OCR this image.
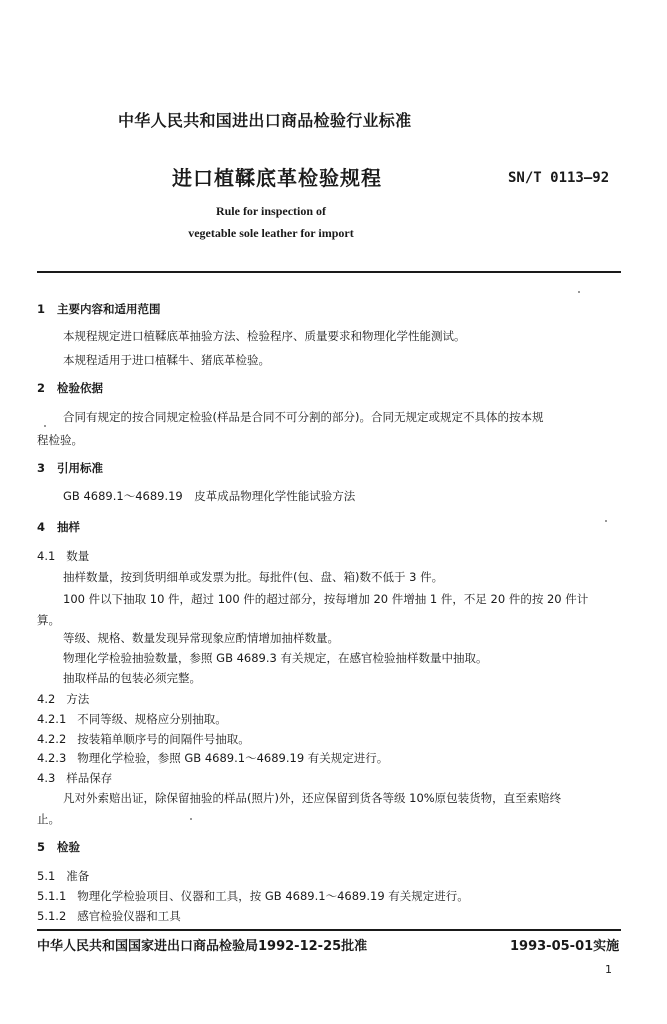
中华人民共和国进出口商品检验行业标准
进口植鞣底革检验规程	SN/T 0113—92
Rule for inspection of
vegetable sole leather for import
1 主要内容和适用范围
本规程规定进口植鞣底革抽验方法、检验程序、质量要求和物理化学性能测试。
本规程适用于进口植鞣牛、猪底革检验。
2 检验依据
合同有规定的按合同规定检验(样品是合同不可分割的部分)。合同无规定或规定不具体的按本规
程检验。
3 引用标准
GB 4689.1～4689.19　皮革成品物理化学性能试验方法
4 抽样
4.1 数量
抽样数量，按到货明细单或发票为批。每批件(包、盘、箱)数不低于 3 件。
100 件以下抽取 10 件，超过 100 件的超过部分，按每增加 20 件增抽 1 件，不足 20 件的按 20 件计
算。
等级、规格、数量发现异常现象应酌情增加抽样数量。
物理化学检验抽验数量，参照 GB 4689.3 有关规定，在感官检验抽样数量中抽取。
抽取样品的包装必须完整。
4.2 方法
4.2.1 不同等级、规格应分别抽取。
4.2.2 按装箱单顺序号的间隔件号抽取。
4.2.3 物理化学检验，参照 GB 4689.1～4689.19 有关规定进行。
4.3 样品保存
凡对外索赔出证，除保留抽验的样品(照片)外，还应保留到货各等级 10%原包装货物，直至索赔终
止。
5 检验
5.1 准备
5.1.1 物理化学检验项目、仪器和工具，按 GB 4689.1～4689.19 有关规定进行。
5.1.2 感官检验仪器和工具
中华人民共和国国家进出口商品检验局1992-12-25批准	1993-05-01实施
1
